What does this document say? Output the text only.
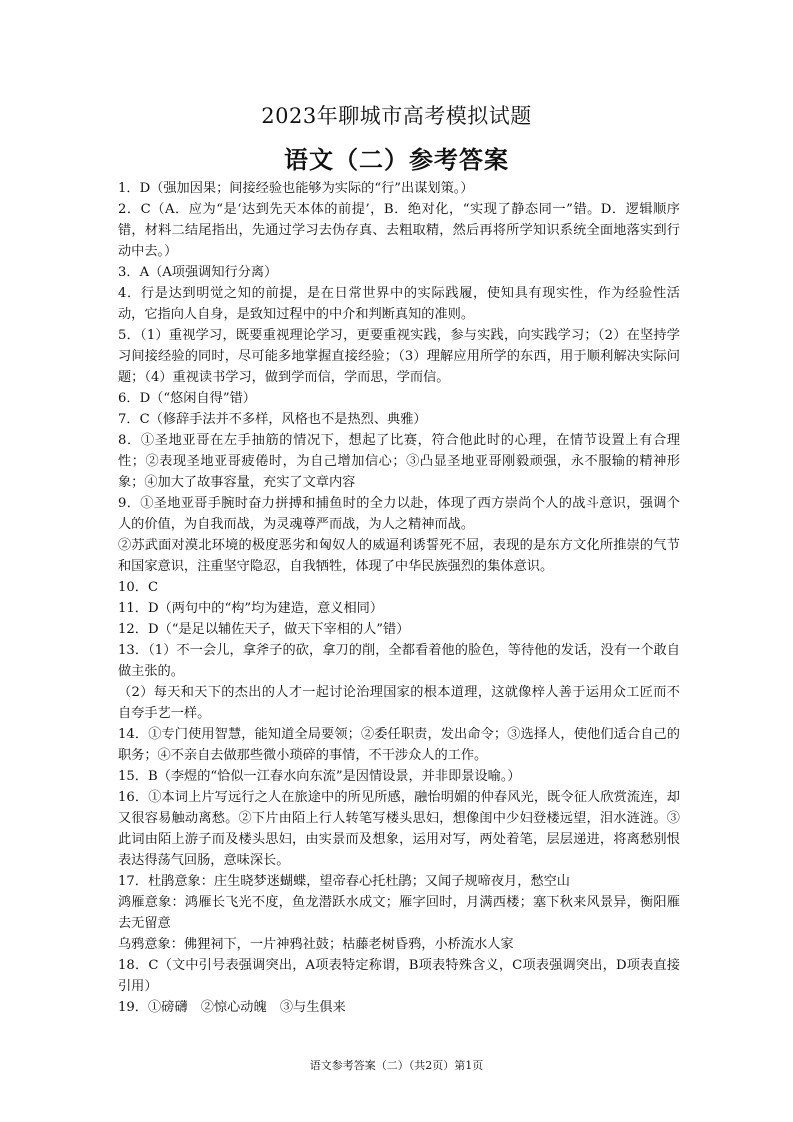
2023年聊城市高考模拟试题
语文（二）参考答案

1．D（强加因果；间接经验也能够为实际的“行”出谋划策。）

2．C（A．应为“是‘达到先天本体的前提’，B．绝对化，“实现了静态同一”错。D．逻辑顺序错，材料二结尾指出，先通过学习去伪存真、去粗取精，然后再将所学知识系统全面地落实到行动中去。）

3．A（A项强调知行分离）

4．行是达到明觉之知的前提，是在日常世界中的实际践履，使知具有现实性，作为经验性活动，它指向人自身，是致知过程中的中介和判断真知的准则。

5．（1）重视学习，既要重视理论学习，更要重视实践，参与实践，向实践学习；（2）在坚持学习间接经验的同时，尽可能多地掌握直接经验；（3）理解应用所学的东西，用于顺利解决实际问题；（4）重视读书学习，做到学而信，学而思，学而信。

6．D（“悠闲自得”错）

7．C（修辞手法并不多样，风格也不是热烈、典雅）

8．①圣地亚哥在左手抽筋的情况下，想起了比赛，符合他此时的心理，在情节设置上有合理性；②表现圣地亚哥疲倦时，为自己增加信心；③凸显圣地亚哥刚毅顽强，永不服输的精神形象；④加大了故事容量，充实了文章内容

9．①圣地亚哥手腕时奋力拼搏和捕鱼时的全力以赴，体现了西方崇尚个人的战斗意识，强调个人的价值，为自我而战，为灵魂尊严而战，为人之精神而战。

②苏武面对漠北环境的极度恶劣和匈奴人的威逼利诱誓死不屈，表现的是东方文化所推崇的气节和国家意识，注重坚守隐忍，自我牺牲，体现了中华民族强烈的集体意识。

10．C

11．D（两句中的“构”均为建造，意义相同）

12．D（“是足以辅佐天子，做天下宰相的人”错）

13．（1）不一会儿，拿斧子的砍，拿刀的削，全都看着他的脸色，等待他的发话，没有一个敢自做主张的。

（2）每天和天下的杰出的人才一起讨论治理国家的根本道理，这就像梓人善于运用众工匠而不自夸手艺一样。

14．①专门使用智慧，能知道全局要领；②委任职责，发出命令；③选择人，使他们适合自己的职务；④不亲自去做那些微小琐碎的事情，不干涉众人的工作。

15．B（李煜的“恰似一江春水向东流”是因情设景，并非即景设喻。）

16．①本词上片写远行之人在旅途中的所见所感，融怡明媚的仲春风光，既令征人欣赏流连，却又很容易触动离愁。②下片由陌上行人转笔写楼头思妇，想像闺中少妇登楼远望，泪水涟涟。③此词由陌上游子而及楼头思妇，由实景而及想象，运用对写，两处着笔，层层递进，将离愁别恨表达得荡气回肠，意味深长。

17．杜鹃意象：庄生晓梦迷蝴蝶，望帝春心托杜鹃；又闻子规啼夜月，愁空山

鸿雁意象：鸿雁长飞光不度，鱼龙潜跃水成文；雁字回时，月满西楼；塞下秋来风景异，衡阳雁去无留意

乌鸦意象：佛狸祠下，一片神鸦社鼓；枯藤老树昏鸦，小桥流水人家

18．C（文中引号表强调突出，A项表特定称谓，B项表特殊含义，C项表强调突出，D项表直接引用）

19．①磅礴　②惊心动魄　③与生俱来

语文参考答案（二）（共2页）第1页
